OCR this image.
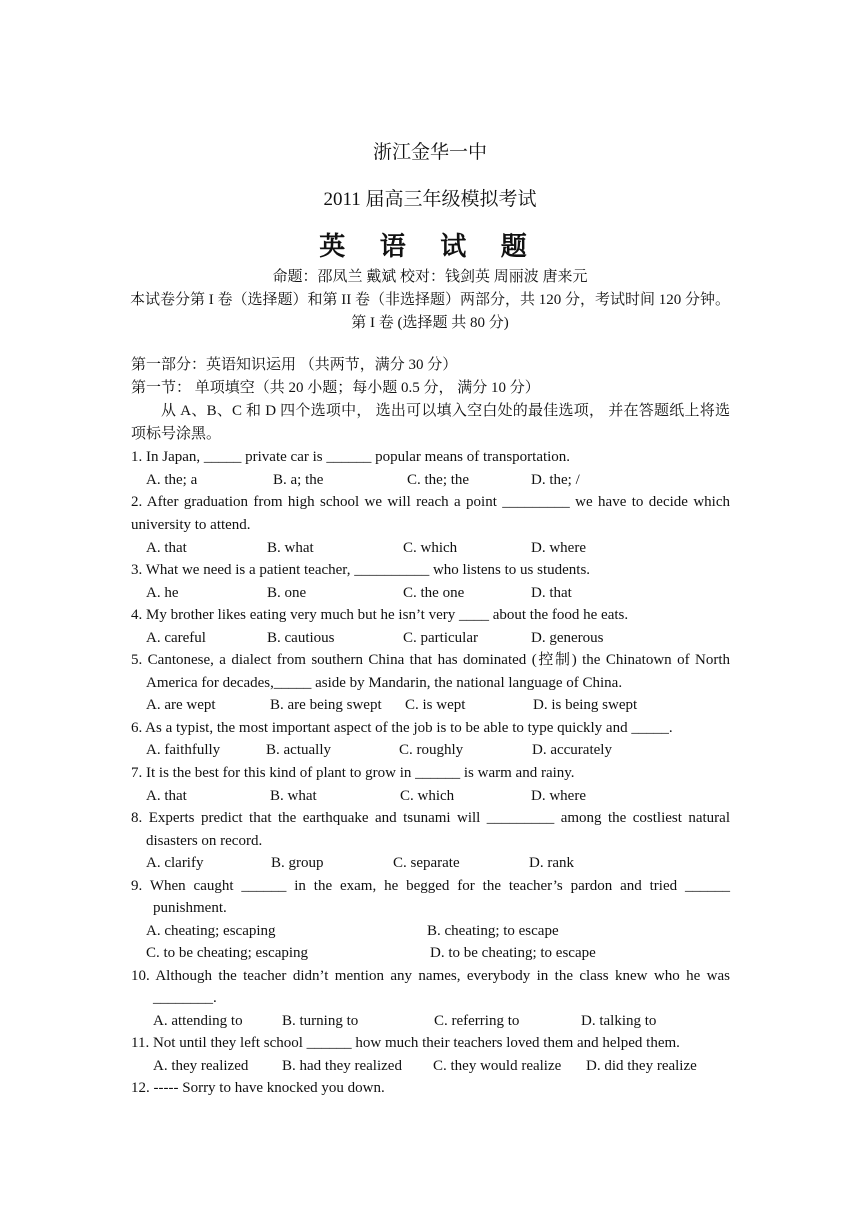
浙江金华一中
2011 届高三年级模拟考试
英 语 试 题
命题：邵凤兰 戴斌 校对：钱剑英 周丽波 唐来元
本试卷分第 I 卷（选择题）和第 II 卷（非选择题）两部分，共 120 分，考试时间 120 分钟。
第 I 卷 (选择题 共 80 分)
第一部分：英语知识运用 （共两节，满分 30 分）
第一节： 单项填空（共 20 小题；每小题 0.5 分， 满分 10 分）
从 A、B、C 和 D 四个选项中， 选出可以填入空白处的最佳选项， 并在答题纸上将选
项标号涂黑。
1. In Japan, _____ private car is ______ popular means of transportation.
A. the; a	B. a; the	C. the; the	D. the; /
2. After graduation from high school we will reach a point _________ we have to decide which
university to attend.
A. that	B. what	C. which	D. where
3. What we need is a patient teacher, __________ who listens to us students.
A. he	B. one	C. the one	D. that
4. My brother likes eating very much but he isn’t very ____ about the food he eats.
A. careful	B. cautious	C. particular	D. generous
5. Cantonese, a dialect from southern China that has dominated (控制) the Chinatown of North
America for decades,_____ aside by Mandarin, the national language of China.
A. are wept	B. are being swept C. is wept	D. is being swept
6. As a typist, the most important aspect of the job is to be able to type quickly and _____.
A. faithfully	B. actually	C. roughly	D. accurately
7. It is the best for this kind of plant to grow in ______ is warm and rainy.
A. that	B. what	C. which	D. where
8. Experts predict that the earthquake and tsunami will _________ among the costliest natural
disasters on record.
A. clarify	B. group	C. separate	D. rank
9. When caught ______ in the exam, he begged for the teacher’s pardon and tried ______
punishment.
A. cheating; escaping	B. cheating; to escape
C. to be cheating; escaping	D. to be cheating; to escape
10. Although the teacher didn’t mention any names, everybody in the class knew who he was
________.
A. attending to	B. turning to	C. referring to	D. talking to
11. Not until they left school ______ how much their teachers loved them and helped them.
A. they realized B. had they realized C. they would realize D. did they realize
12. ----- Sorry to have knocked you down.
